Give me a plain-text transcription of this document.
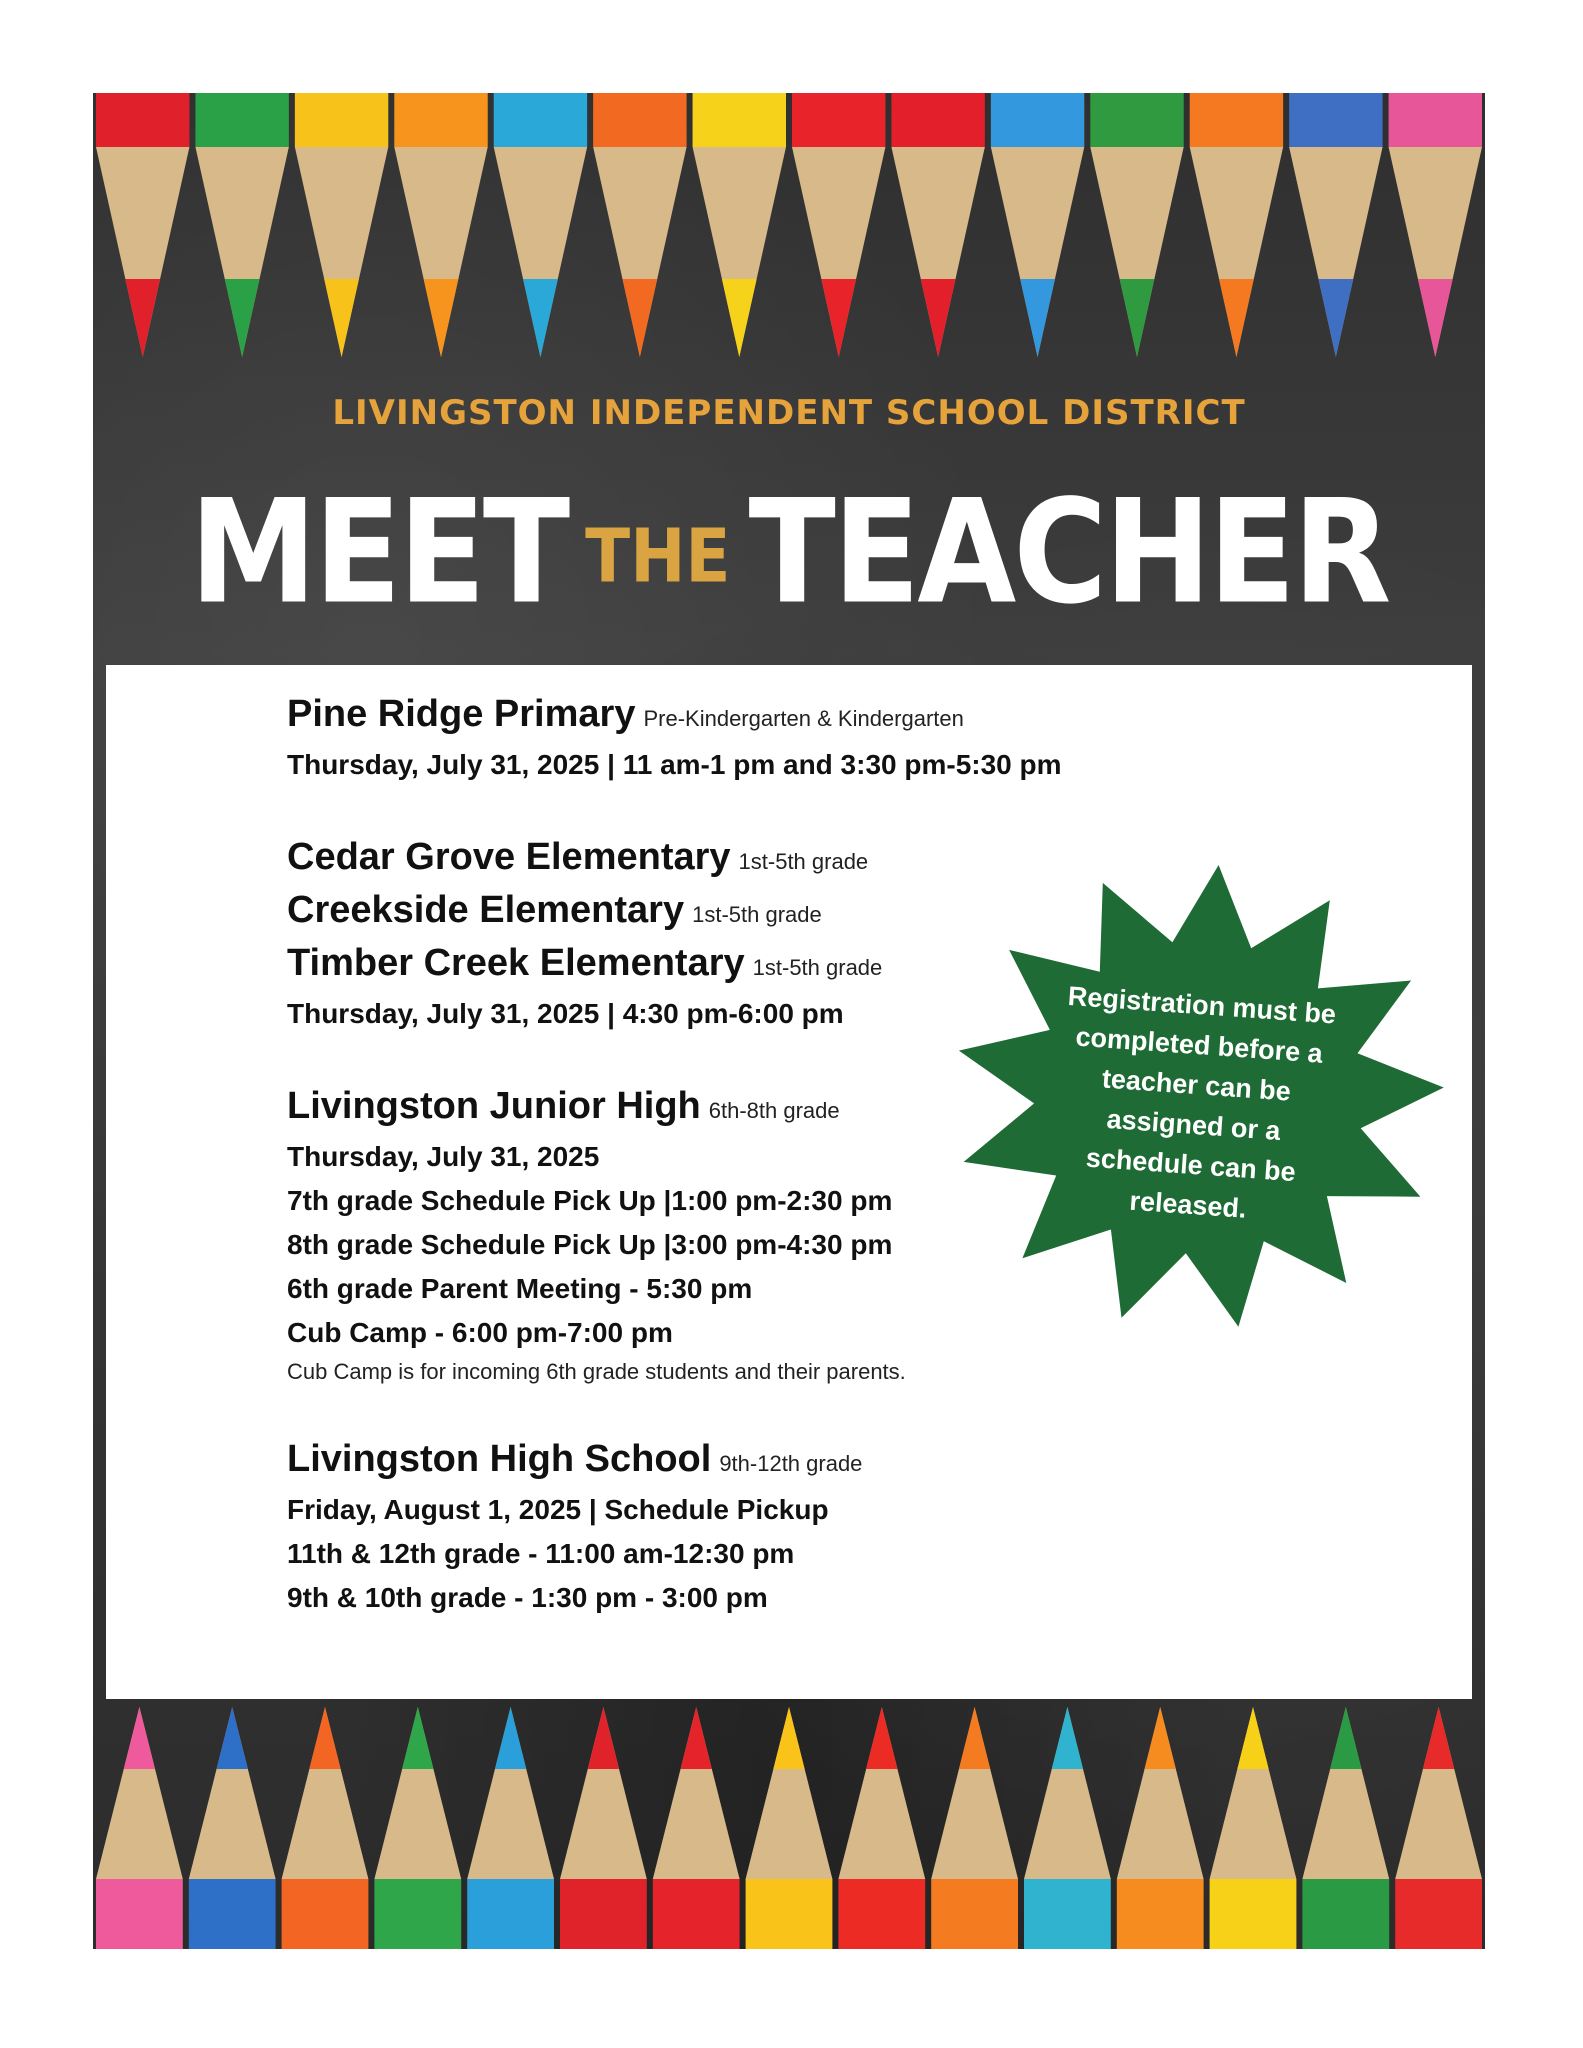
LIVINGSTON INDEPENDENT SCHOOL DISTRICT
MEET THE TEACHER
Pine Ridge Primary Pre-Kindergarten & Kindergarten
Thursday, July 31, 2025 | 11 am-1 pm and 3:30 pm-5:30 pm
Cedar Grove Elementary 1st-5th grade
Creekside Elementary 1st-5th grade
Timber Creek Elementary 1st-5th grade
Thursday, July 31, 2025 | 4:30 pm-6:00 pm
Livingston Junior High 6th-8th grade
Thursday, July 31, 2025
7th grade Schedule Pick Up |1:00 pm-2:30 pm
8th grade Schedule Pick Up |3:00 pm-4:30 pm
6th grade Parent Meeting - 5:30 pm
Cub Camp - 6:00 pm-7:00 pm
Cub Camp is for incoming 6th grade students and their parents.
Livingston High School 9th-12th grade
Friday, August 1, 2025 | Schedule Pickup
11th & 12th grade - 11:00 am-12:30 pm
9th & 10th grade - 1:30 pm - 3:00 pm
Registration must be
completed before a
teacher can be
assigned or a
schedule can be
released.
